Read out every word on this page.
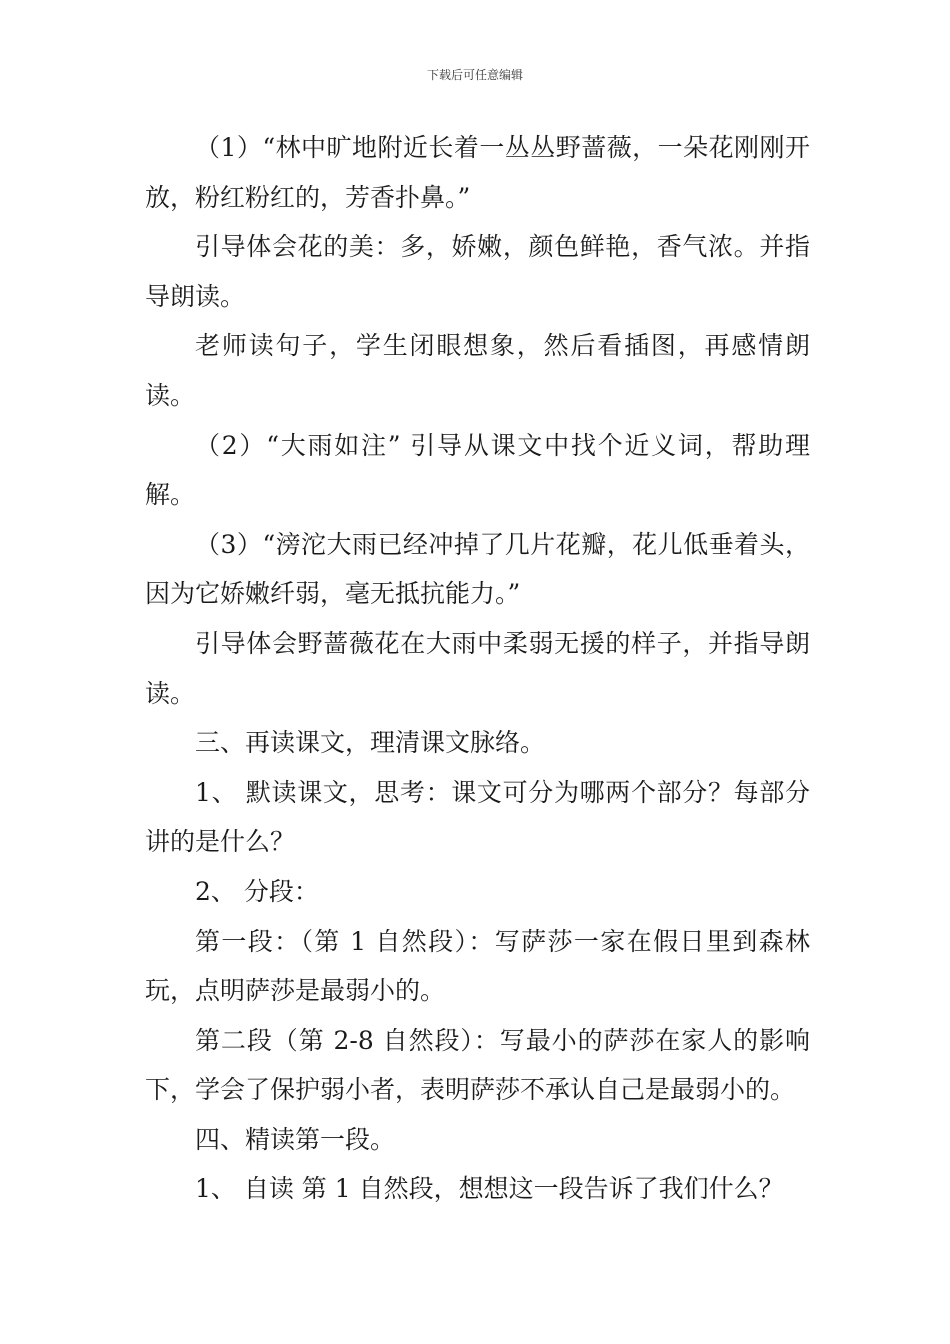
下载后可任意编辑

（1）“林中旷地附近长着一丛丛野蔷薇，一朵花刚刚开放，粉红粉红的，芳香扑鼻。”

引导体会花的美：多，娇嫩，颜色鲜艳，香气浓。并指导朗读。

老师读句子，学生闭眼想象，然后看插图，再感情朗读。

（2）“大雨如注” 引导从课文中找个近义词，帮助理解。

（3）“滂沱大雨已经冲掉了几片花瓣，花儿低垂着头，因为它娇嫩纤弱，毫无抵抗能力。”

引导体会野蔷薇花在大雨中柔弱无援的样子，并指导朗读。

三、再读课文，理清课文脉络。

1、 默读课文，思考：课文可分为哪两个部分？每部分讲的是什么？

2、 分段：

第一段：（第 1 自然段）：写萨莎一家在假日里到森林玩，点明萨莎是最弱小的。

第二段（第 2-8 自然段）：写最小的萨莎在家人的影响下，学会了保护弱小者，表明萨莎不承认自己是最弱小的。

四、精读第一段。

1、 自读 第 1 自然段，想想这一段告诉了我们什么？
